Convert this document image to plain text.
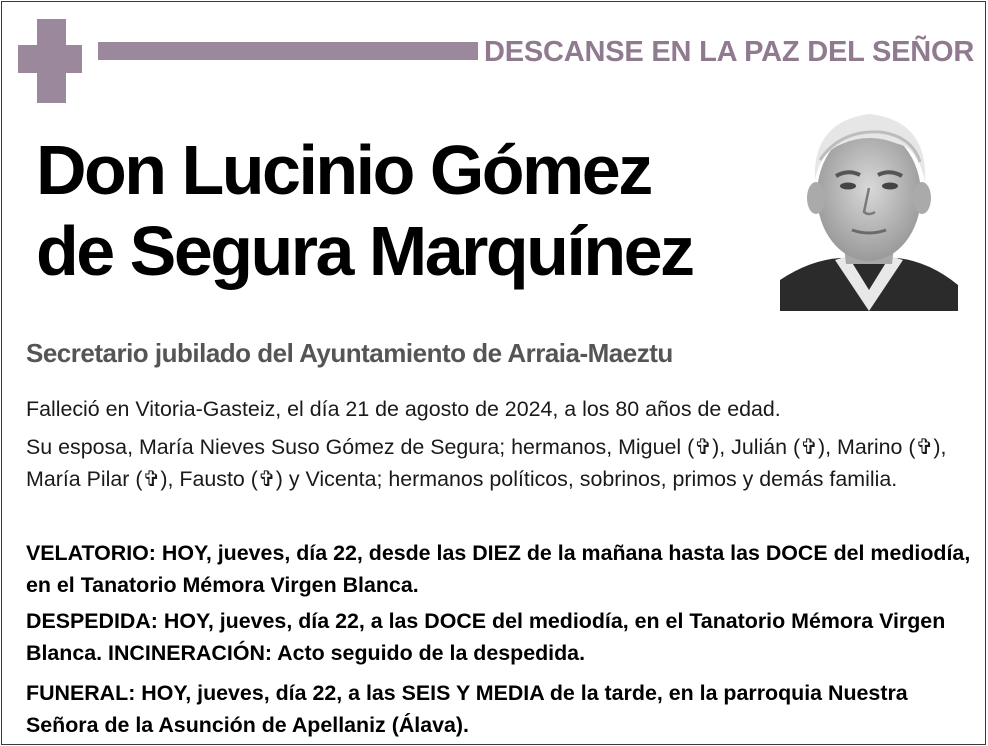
DESCANSE EN LA PAZ DEL SEÑOR
Don Lucinio Gómez
de Segura Marquínez
Secretario jubilado del Ayuntamiento de Arraia-Maeztu

Falleció en Vitoria-Gasteiz, el día 21 de agosto de 2024, a los 80 años de edad.

Su esposa, María Nieves Suso Gómez de Segura; hermanos, Miguel (✞), Julián (✞), Marino (✞), María Pilar (✞), Fausto (✞) y Vicenta; hermanos políticos, sobrinos, primos y demás familia.

VELATORIO: HOY, jueves, día 22, desde las DIEZ de la mañana hasta las DOCE del mediodía, en el Tanatorio Mémora Virgen Blanca.

DESPEDIDA: HOY, jueves, día 22, a las DOCE del mediodía, en el Tanatorio Mémora Virgen Blanca. INCINERACIÓN: Acto seguido de la despedida.

FUNERAL: HOY, jueves, día 22, a las SEIS Y MEDIA de la tarde, en la parroquia Nuestra Señora de la Asunción de Apellaniz (Álava).
